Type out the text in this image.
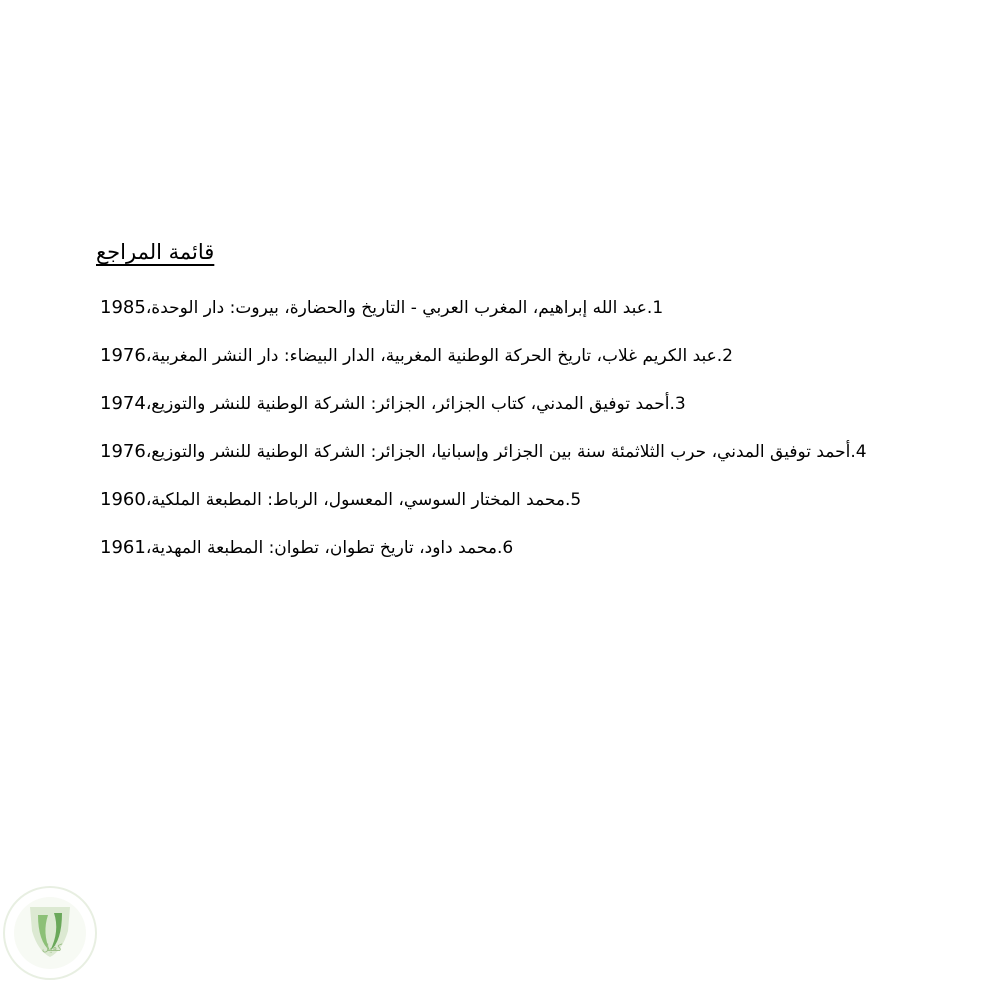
قائمة المراجع
1985عبد الله إبراهيم، المغرب العربي - التاريخ والحضارة، بيروت: دار الوحدة،.1
1976عبد الكريم غلاب، تاريخ الحركة الوطنية المغربية، الدار البيضاء: دار النشر المغربية،.2
1974أحمد توفيق المدني، كتاب الجزائر، الجزائر: الشركة الوطنية للنشر والتوزيع،.3
1976أحمد توفيق المدني، حرب الثلاثمئة سنة بين الجزائر وإسبانيا، الجزائر: الشركة الوطنية للنشر والتوزيع،.4
1960محمد المختار السوسي، المعسول، الرباط: المطبعة الملكية،.5
1961محمد داود، تاريخ تطوان، تطوان: المطبعة المهدية،.6
كفيل
